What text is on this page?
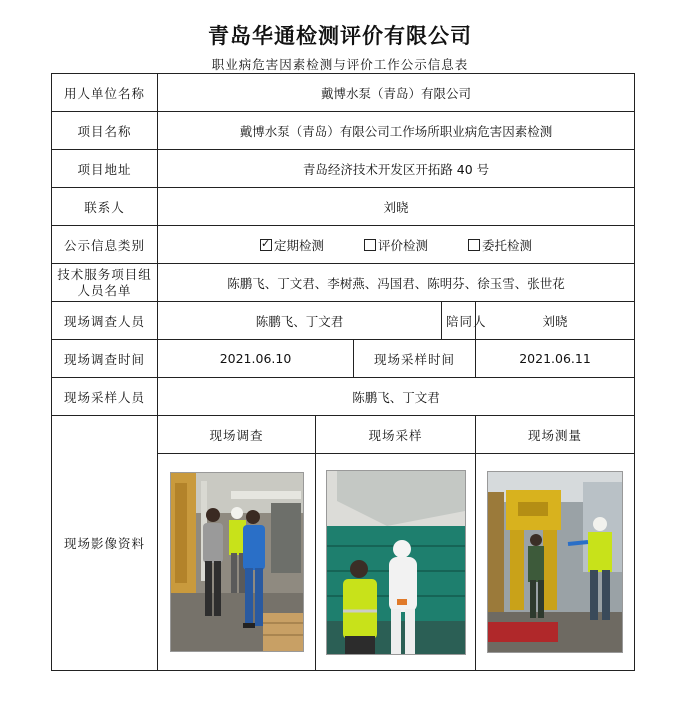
青岛华通检测评价有限公司
职业病危害因素检测与评价工作公示信息表
用人单位名称	戴博水泵（青岛）有限公司				
项目名称	戴博水泵（青岛）有限公司工作场所职业病危害因素检测				
项目地址	青岛经济技术开发区开拓路 40 号				
联系人	刘晓				
公示信息类别	✓定期检测 评价检测 委托检测
技术服务项目组人员名单	陈鹏飞、丁文君、李树燕、冯国君、陈明芬、徐玉雪、张世花				
现场调查人员	陈鹏飞、丁文君			陪同人	刘晓
现场调查时间	2021.06.10		现场采样时间		2021.06.11
现场采样人员	陈鹏飞、丁文君				
现场影像资料	现场调查	现场采样			现场测量
